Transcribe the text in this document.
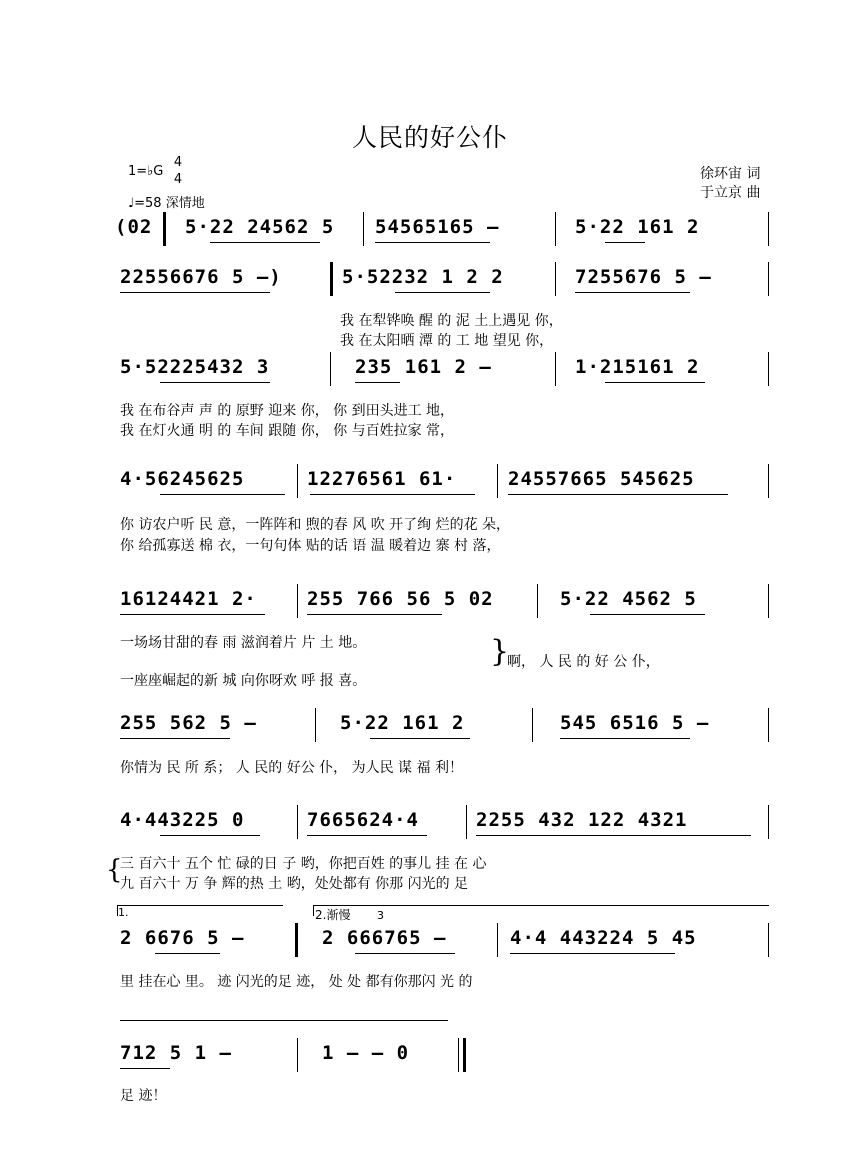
人民的好公仆
徐环宙 词
于立京 曲
1=♭G
4
4
♩=58 深情地
(02 5·22 24562 5 54565165 –	5·22 161 2
22556676 5 –)	5·52232 1 2 2	7255676 5 –
我 在犁铧唤 醒 的 泥 土上遇见 你，
我 在太阳晒 潭 的 工 地 望见 你，
5·52225432 3	235 161 2 –	1·215161 2
我 在布谷声 声 的 原野 迎来 你， 你 到田头进工 地，
我 在灯火通 明 的 车间 跟随 你， 你 与百姓拉家 常，
4·56245625	12276561 61·	24557665 545625
你 访农户听 民 意，一阵阵和 煦的春 风 吹 开了绚 烂的花 朵，
你 给孤寡送 棉 衣，一句句体 贴的话 语 温 暖着边 寨 村 落，
16124421 2·	255 766 56 5 02	5·22 4562 5
一场场甘甜的春 雨 滋润着片 片 土 地。
一座座崛起的新 城 向你呀欢 呼 报 喜。
}
啊， 人 民 的 好 公 仆，
255 562 5 –	5·22 161 2	545 6516 5 –
你情为 民 所 系； 人 民的 好公 仆， 为人民 谋 福 利！
4·443225 0	7665624·4	2255 432 122 4321
三 百六十 五个 忙 碌的日 子 哟，你把百姓 的事儿 挂 在 心
九 百六十 万 争 辉的热 土 哟，处处都有 你那 闪光的 足
{
1.	2.渐慢 3
2 6676 5 –	2 666765 –	4·4 443224 5 45
里 挂在心 里。 迹 闪光的足 迹， 处 处 都有你那闪 光 的
712 5 1 –	1 – – 0
足 迹！
